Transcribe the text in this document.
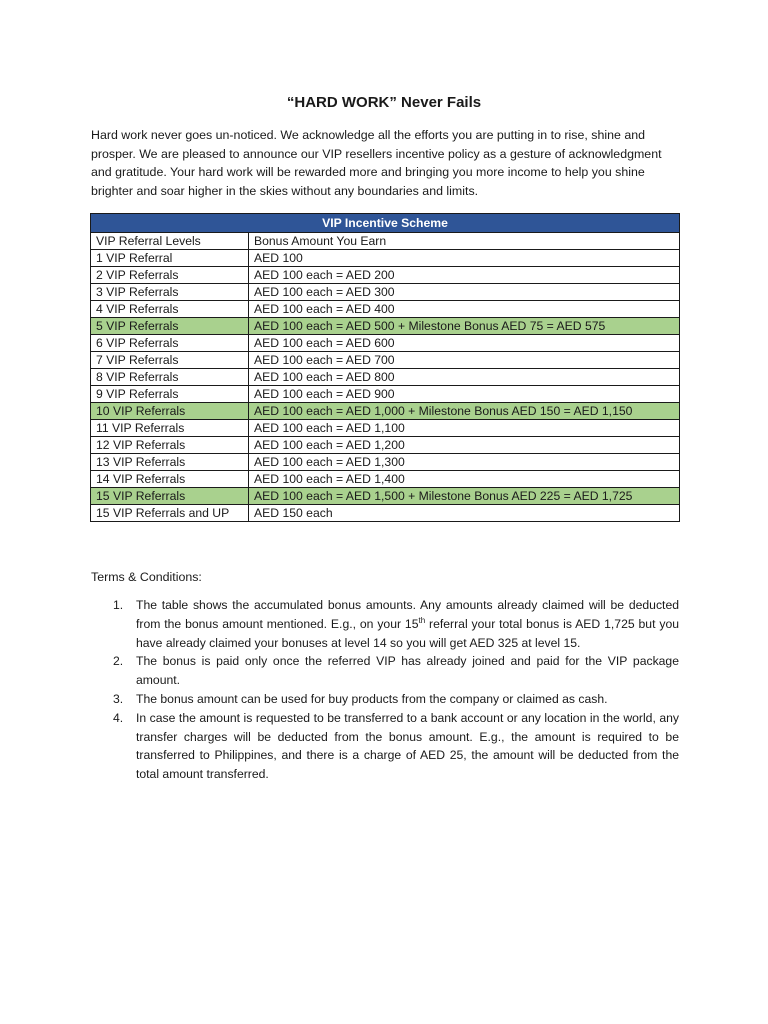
“HARD WORK” Never Fails

Hard work never goes un-noticed. We acknowledge all the efforts you are putting in to rise, shine and prosper. We are pleased to announce our VIP resellers incentive policy as a gesture of acknowledgment and gratitude. Your hard work will be rewarded more and bringing you more income to help you shine brighter and soar higher in the skies without any boundaries and limits.

VIP Incentive Scheme	
VIP Referral Levels	Bonus Amount You Earn
1 VIP Referral	AED 100
2 VIP Referrals	AED 100 each = AED 200
3 VIP Referrals	AED 100 each = AED 300
4 VIP Referrals	AED 100 each = AED 400
5 VIP Referrals	AED 100 each = AED 500 + Milestone Bonus AED 75 = AED 575
6 VIP Referrals	AED 100 each = AED 600
7 VIP Referrals	AED 100 each = AED 700
8 VIP Referrals	AED 100 each = AED 800
9 VIP Referrals	AED 100 each = AED 900
10 VIP Referrals	AED 100 each = AED 1,000 + Milestone Bonus AED 150 = AED 1,150
11 VIP Referrals	AED 100 each = AED 1,100
12 VIP Referrals	AED 100 each = AED 1,200
13 VIP Referrals	AED 100 each = AED 1,300
14 VIP Referrals	AED 100 each = AED 1,400
15 VIP Referrals	AED 100 each = AED 1,500 + Milestone Bonus AED 225 = AED 1,725
15 VIP Referrals and UP	AED 150 each
Terms & Conditions:
1. The table shows the accumulated bonus amounts. Any amounts already claimed will be deducted from the bonus amount mentioned. E.g., on your 15th referral your total bonus is AED 1,725 but you have already claimed your bonuses at level 14 so you will get AED 325 at level 15.
2. The bonus is paid only once the referred VIP has already joined and paid for the VIP package amount.
3. The bonus amount can be used for buy products from the company or claimed as cash.
4. In case the amount is requested to be transferred to a bank account or any location in the world, any transfer charges will be deducted from the bonus amount. E.g., the amount is required to be transferred to Philippines, and there is a charge of AED 25, the amount will be deducted from the total amount transferred.
